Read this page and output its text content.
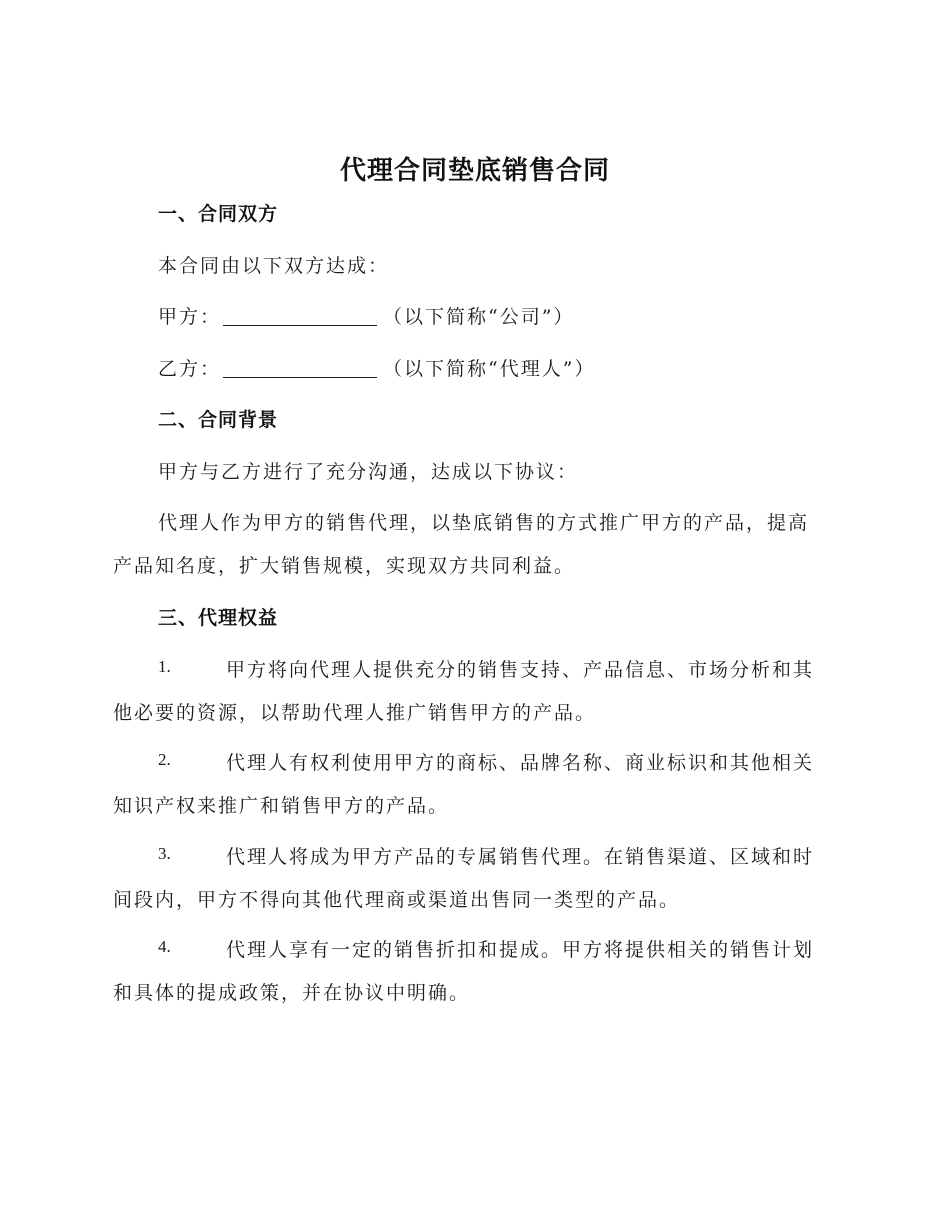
代理合同垫底销售合同
一、合同双方
本合同由以下双方达成：
甲方：	（以下简称“公司”）
乙方：	（以下简称“代理人”）
二、合同背景
甲方与乙方进行了充分沟通，达成以下协议：
代理人作为甲方的销售代理，以垫底销售的方式推广甲方的产品，提高
产品知名度，扩大销售规模，实现双方共同利益。
三、代理权益
1.	甲方将向代理人提供充分的销售支持、产品信息、市场分析和其
他必要的资源，以帮助代理人推广销售甲方的产品。
2.	代理人有权利使用甲方的商标、品牌名称、商业标识和其他相关
知识产权来推广和销售甲方的产品。
3.	代理人将成为甲方产品的专属销售代理。在销售渠道、区域和时
间段内，甲方不得向其他代理商或渠道出售同一类型的产品。
4.	代理人享有一定的销售折扣和提成。甲方将提供相关的销售计划
和具体的提成政策，并在协议中明确。
